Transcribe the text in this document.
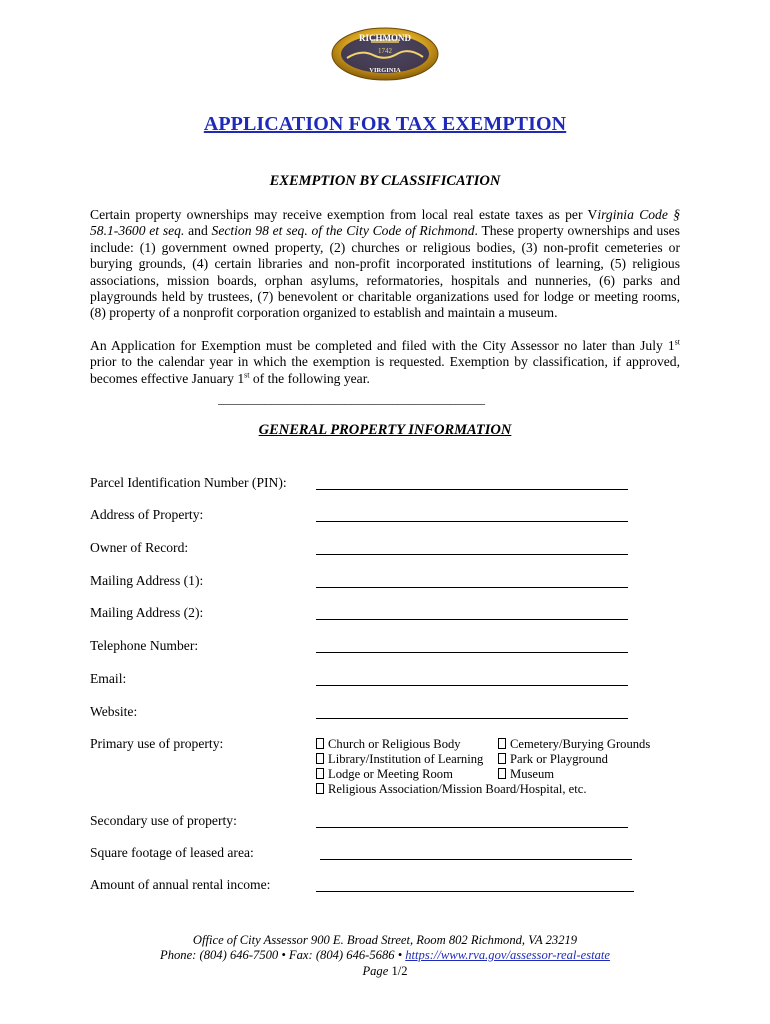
RICHMOND
1742
VIRGINIA
APPLICATION FOR TAX EXEMPTION
EXEMPTION BY CLASSIFICATION
Certain property ownerships may receive exemption from local real estate taxes as per Virginia Code § 58.1-3600 et seq. and Section 98 et seq. of the City Code of Richmond. These property ownerships and uses include: (1) government owned property, (2) churches or religious bodies, (3) non-profit cemeteries or burying grounds, (4) certain libraries and non-profit incorporated institutions of learning, (5) religious associations, mission boards, orphan asylums, reformatories, hospitals and nunneries, (6) parks and playgrounds held by trustees, (7) benevolent or charitable organizations used for lodge or meeting rooms, (8) property of a nonprofit corporation organized to establish and maintain a museum.
An Application for Exemption must be completed and filed with the City Assessor no later than July 1st prior to the calendar year in which the exemption is requested. Exemption by classification, if approved, becomes effective January 1st of the following year.
______________________________________________
GENERAL PROPERTY INFORMATION
Parcel Identification Number (PIN):
Address of Property:
Owner of Record:
Mailing Address (1):
Mailing Address (2):
Telephone Number:
Email:
Website:
Primary use of property:	Church or Religious Body	Cemetery/Burying Grounds
Library/Institution of Learning	Park or Playground
Lodge or Meeting Room	Museum
Religious Association/Mission Board/Hospital, etc.
Secondary use of property:
Square footage of leased area:
Amount of annual rental income:
Office of City Assessor 900 E. Broad Street, Room 802 Richmond, VA 23219
Phone: (804) 646-7500 • Fax: (804) 646-5686 • https://www.rva.gov/assessor-real-estate
Page 1/2
